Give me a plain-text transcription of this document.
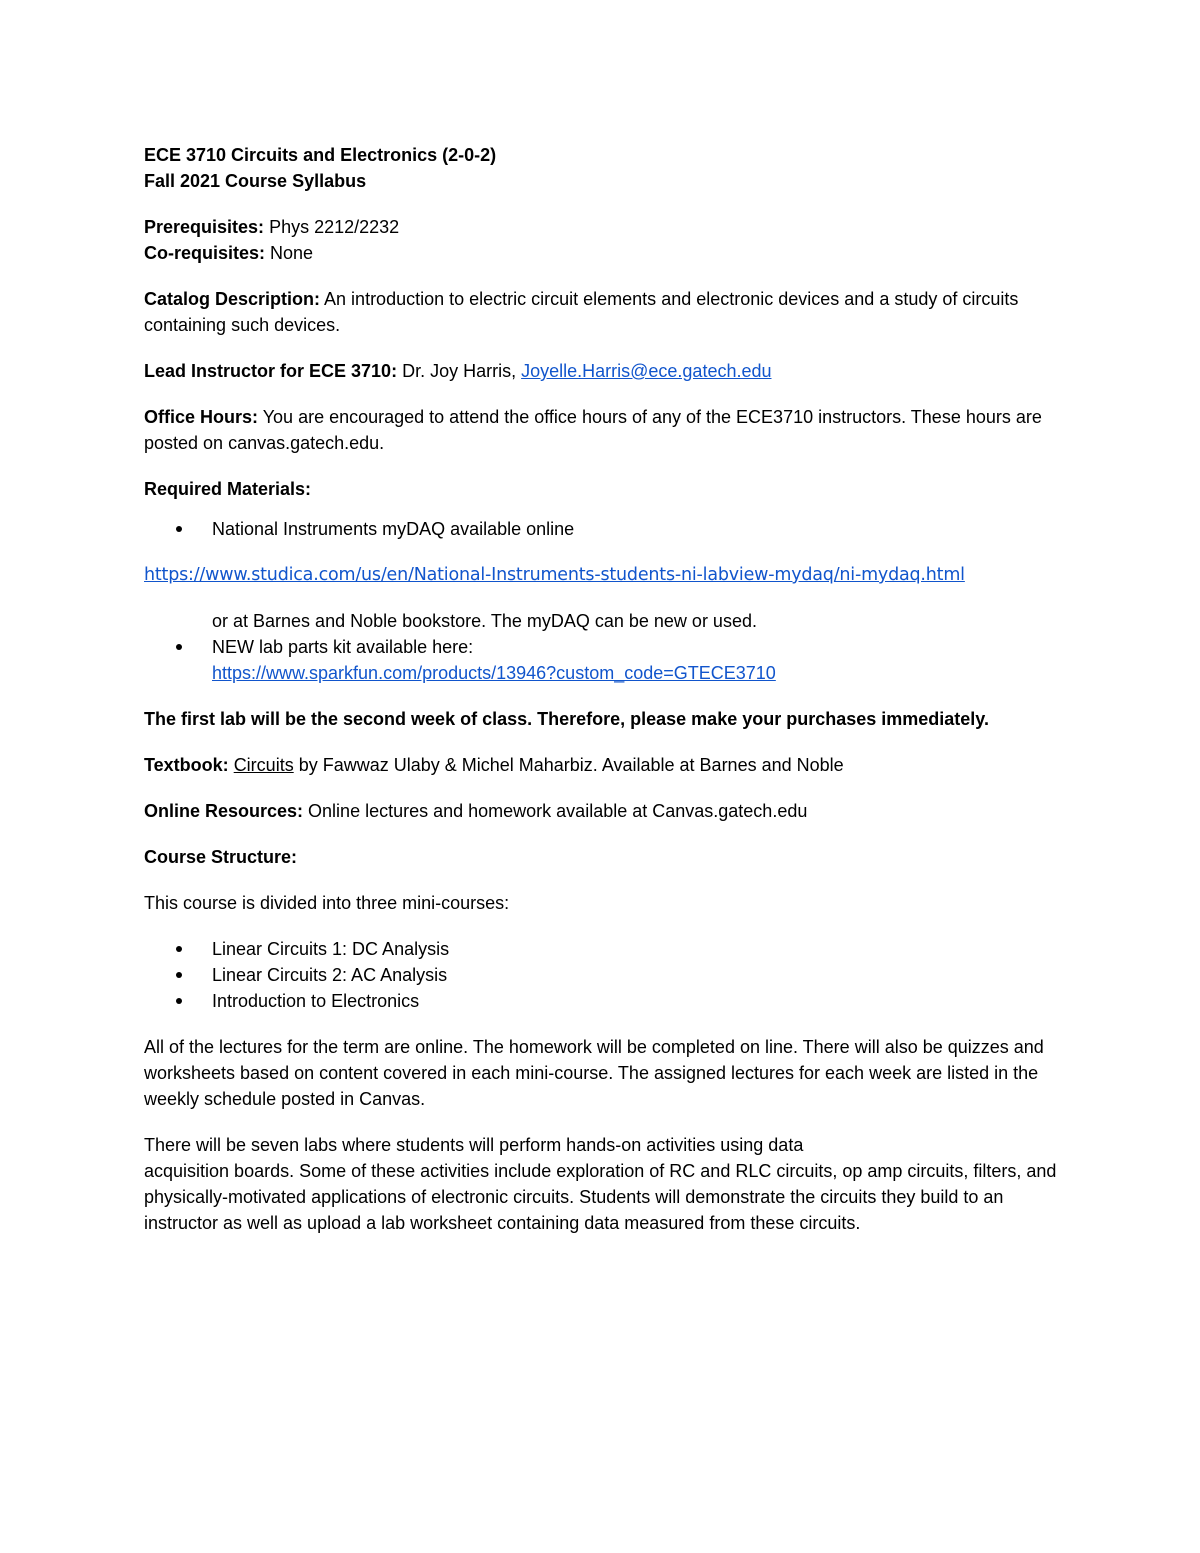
ECE 3710 Circuits and Electronics (2-0-2)

Fall 2021 Course Syllabus

Prerequisites: Phys 2212/2232

Co-requisites: None

Catalog Description: An introduction to electric circuit elements and electronic devices and a study of circuits containing such devices.

Lead Instructor for ECE 3710: Dr. Joy Harris, Joyelle.Harris@ece.gatech.edu

Office Hours: You are encouraged to attend the office hours of any of the ECE3710 instructors. These hours are posted on canvas.gatech.edu.

Required Materials:

National Instruments myDAQ available online

https://www.studica.com/us/en/National-Instruments-students-ni-labview-mydaq/ni-mydaq.html

or at Barnes and Noble bookstore. The myDAQ can be new or used.

NEW lab parts kit available here:

https://www.sparkfun.com/products/13946?custom_code=GTECE3710

The first lab will be the second week of class. Therefore, please make your purchases immediately.

Textbook: Circuits by Fawwaz Ulaby & Michel Maharbiz. Available at Barnes and Noble

Online Resources: Online lectures and homework available at Canvas.gatech.edu

Course Structure:

This course is divided into three mini-courses:

Linear Circuits 1: DC Analysis
Linear Circuits 2: AC Analysis
Introduction to Electronics

All of the lectures for the term are online. The homework will be completed on line. There will also be quizzes and worksheets based on content covered in each mini-course. The assigned lectures for each week are listed in the weekly schedule posted in Canvas.

There will be seven labs where students will perform hands-on activities using data
acquisition boards. Some of these activities include exploration of RC and RLC circuits, op amp circuits, filters, and physically-motivated applications of electronic circuits. Students will demonstrate the circuits they build to an instructor as well as upload a lab worksheet containing data measured from these circuits.
